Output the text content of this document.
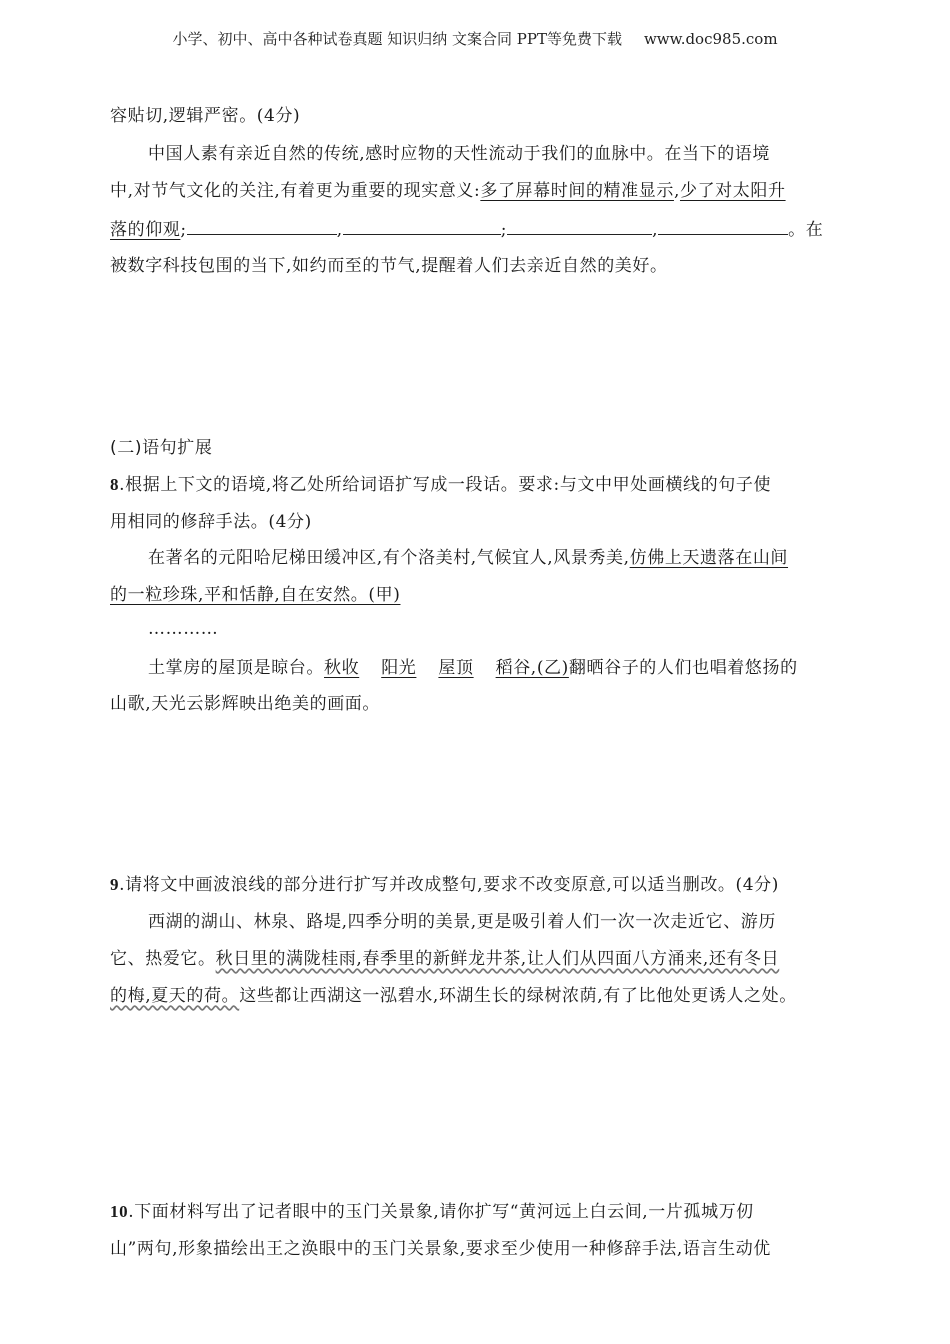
小学、初中、高中各种试卷真题 知识归纳 文案合同 PPT等免费下载 www.doc985.com
容贴切,逻辑严密。(4分)
中国人素有亲近自然的传统,感时应物的天性流动于我们的血脉中。在当下的语境
中,对节气文化的关注,有着更为重要的现实意义:多了屏幕时间的精准显示,少了对太阳升
落的仰观;	,	;	,	。在
被数字科技包围的当下,如约而至的节气,提醒着人们去亲近自然的美好。
(二)语句扩展
8.根据上下文的语境,将乙处所给词语扩写成一段话。要求:与文中甲处画横线的句子使
用相同的修辞手法。(4分)
在著名的元阳哈尼梯田缓冲区,有个洛美村,气候宜人,风景秀美,仿佛上天遗落在山间
的一粒珍珠,平和恬静,自在安然。(甲)
…………
土掌房的屋顶是晾台。秋收 阳光 屋顶 稻谷,(乙)翻晒谷子的人们也唱着悠扬的
山歌,天光云影辉映出绝美的画面。
9.请将文中画波浪线的部分进行扩写并改成整句,要求不改变原意,可以适当删改。(4分)
西湖的湖山、林泉、路堤,四季分明的美景,更是吸引着人们一次一次走近它、游历
它、热爱它。秋日里的满陇桂雨,春季里的新鲜龙井茶,让人们从四面八方涌来,还有冬日
的梅,夏天的荷。这些都让西湖这一泓碧水,环湖生长的绿树浓荫,有了比他处更诱人之处。
10.下面材料写出了记者眼中的玉门关景象,请你扩写“黄河远上白云间,一片孤城万仞
山”两句,形象描绘出王之涣眼中的玉门关景象,要求至少使用一种修辞手法,语言生动优
